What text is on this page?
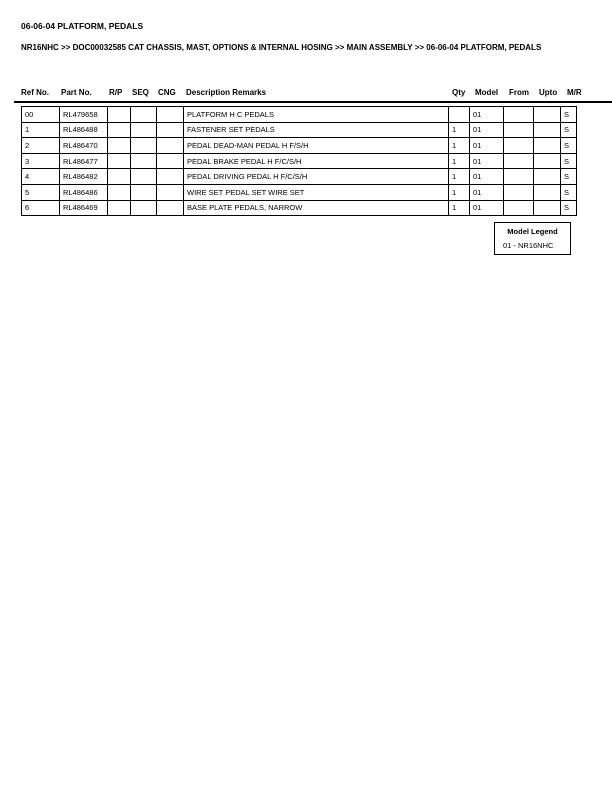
06-06-04 PLATFORM, PEDALS
NR16NHC >> DOC00032585 CAT CHASSIS, MAST, OPTIONS & INTERNAL HOSING >> MAIN ASSEMBLY >> 06-06-04 PLATFORM, PEDALS
Ref No. Part No. R/P SEQ CNG Description Remarks	Qty Model From Upto M/R
00	RL479658				PLATFORM H C PEDALS		01			S
1	RL486488				FASTENER SET PEDALS	1	01			S
2	RL486470				PEDAL DEAD-MAN PEDAL H F/S/H	1	01			S
3	RL486477				PEDAL BRAKE PEDAL H F/C/S/H	1	01			S
4	RL486482				PEDAL DRIVING PEDAL H F/C/S/H	1	01			S
5	RL486486				WIRE SET PEDAL SET WIRE SET	1	01			S
6	RL486469				BASE PLATE PEDALS, NARROW	1	01			S
Model Legend
01 - NR16NHC
